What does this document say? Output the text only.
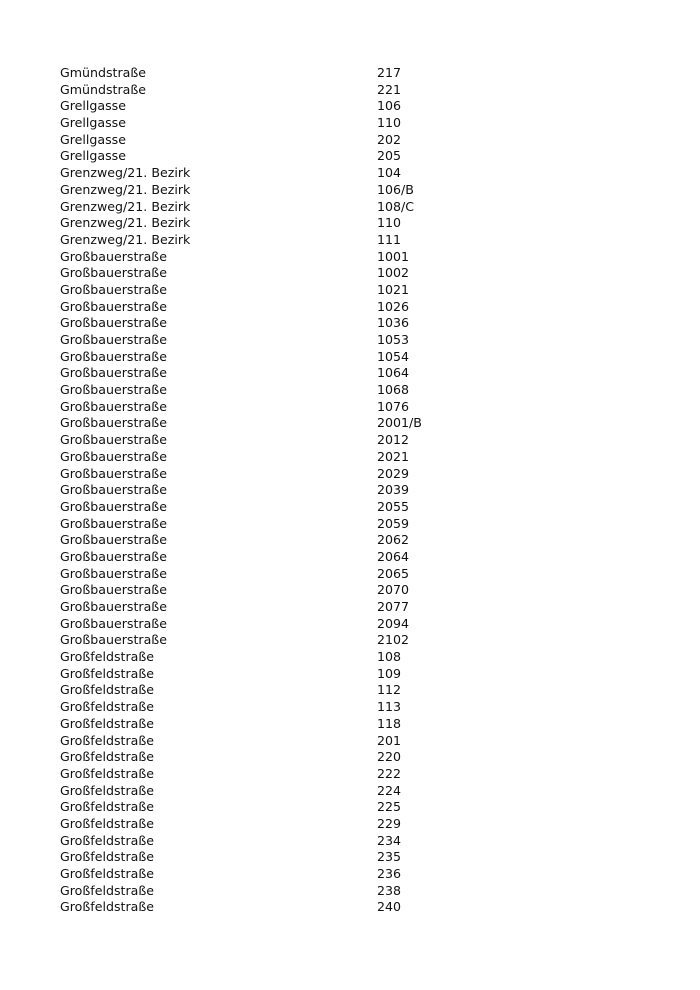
Gmündstraße	217
Gmündstraße	221
Grellgasse	106
Grellgasse	110
Grellgasse	202
Grellgasse	205
Grenzweg/21. Bezirk	104
Grenzweg/21. Bezirk	106/B
Grenzweg/21. Bezirk	108/C
Grenzweg/21. Bezirk	110
Grenzweg/21. Bezirk	111
Großbauerstraße	1001
Großbauerstraße	1002
Großbauerstraße	1021
Großbauerstraße	1026
Großbauerstraße	1036
Großbauerstraße	1053
Großbauerstraße	1054
Großbauerstraße	1064
Großbauerstraße	1068
Großbauerstraße	1076
Großbauerstraße	2001/B
Großbauerstraße	2012
Großbauerstraße	2021
Großbauerstraße	2029
Großbauerstraße	2039
Großbauerstraße	2055
Großbauerstraße	2059
Großbauerstraße	2062
Großbauerstraße	2064
Großbauerstraße	2065
Großbauerstraße	2070
Großbauerstraße	2077
Großbauerstraße	2094
Großbauerstraße	2102
Großfeldstraße	108
Großfeldstraße	109
Großfeldstraße	112
Großfeldstraße	113
Großfeldstraße	118
Großfeldstraße	201
Großfeldstraße	220
Großfeldstraße	222
Großfeldstraße	224
Großfeldstraße	225
Großfeldstraße	229
Großfeldstraße	234
Großfeldstraße	235
Großfeldstraße	236
Großfeldstraße	238
Großfeldstraße	240
